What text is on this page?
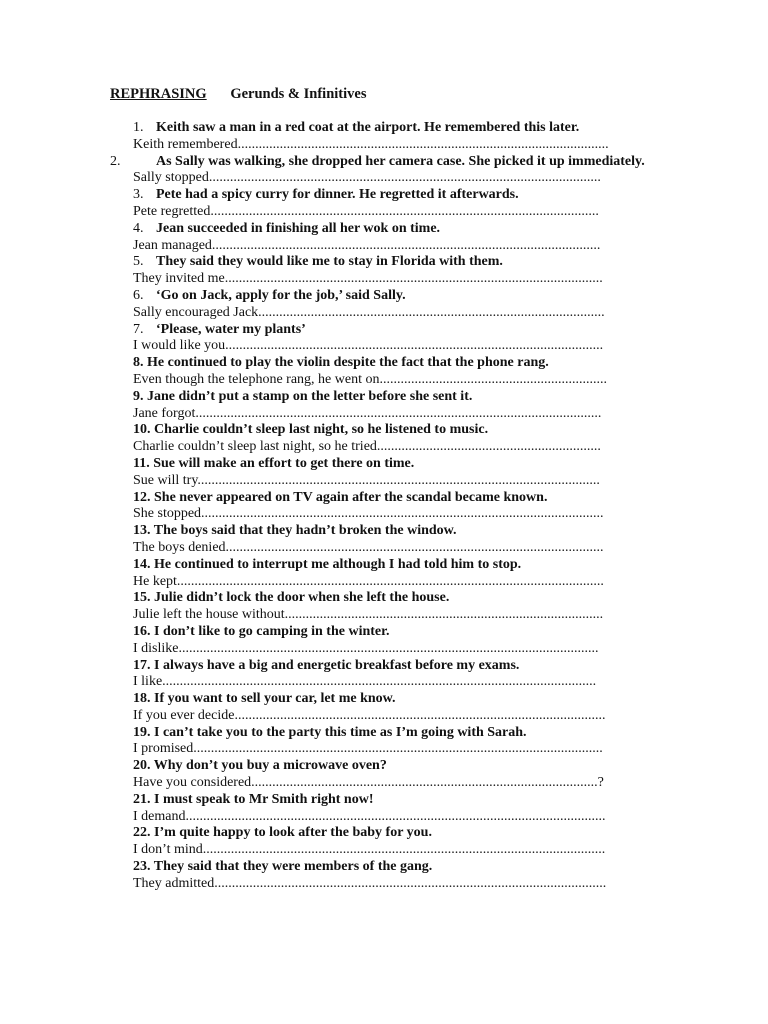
REPHRASING Gerunds & Infinitives
1. Keith saw a man in a red coat at the airport. He remembered this later.
Keith remembered..........................................................................................................
2.	As Sally was walking, she dropped her camera case. She picked it up immediately.
Sally stopped................................................................................................................
3. Pete had a spicy curry for dinner. He regretted it afterwards.
Pete regretted...............................................................................................................
4. Jean succeeded in finishing all her wok on time.
Jean managed...............................................................................................................
5. They said they would like me to stay in Florida with them.
They invited me............................................................................................................
6. ‘Go on Jack, apply for the job,’ said Sally.
Sally encouraged Jack...................................................................................................
7. ‘Please, water my plants’
I would like you............................................................................................................
8. He continued to play the violin despite the fact that the phone rang.
Even though the telephone rang, he went on.................................................................
9. Jane didn’t put a stamp on the letter before she sent it.
Jane forgot....................................................................................................................
10. Charlie couldn’t sleep last night, so he listened to music.
Charlie couldn’t sleep last night, so he tried................................................................
11. Sue will make an effort to get there on time.
Sue will try...................................................................................................................
12. She never appeared on TV again after the scandal became known.
She stopped...................................................................................................................
13. The boys said that they hadn’t broken the window.
The boys denied............................................................................................................
14. He continued to interrupt me although I had told him to stop.
He kept..........................................................................................................................
15. Julie didn’t lock the door when she left the house.
Julie left the house without...........................................................................................
16. I don’t like to go camping in the winter.
I dislike........................................................................................................................
17. I always have a big and energetic breakfast before my exams.
I like............................................................................................................................
18. If you want to sell your car, let me know.
If you ever decide..........................................................................................................
19. I can’t take you to the party this time as I’m going with Sarah.
I promised.....................................................................................................................
20. Why don’t you buy a microwave oven?
Have you considered...................................................................................................?
21. I must speak to Mr Smith right now!
I demand........................................................................................................................
22. I’m quite happy to look after the baby for you.
I don’t mind...................................................................................................................
23. They said that they were members of the gang.
They admitted................................................................................................................
